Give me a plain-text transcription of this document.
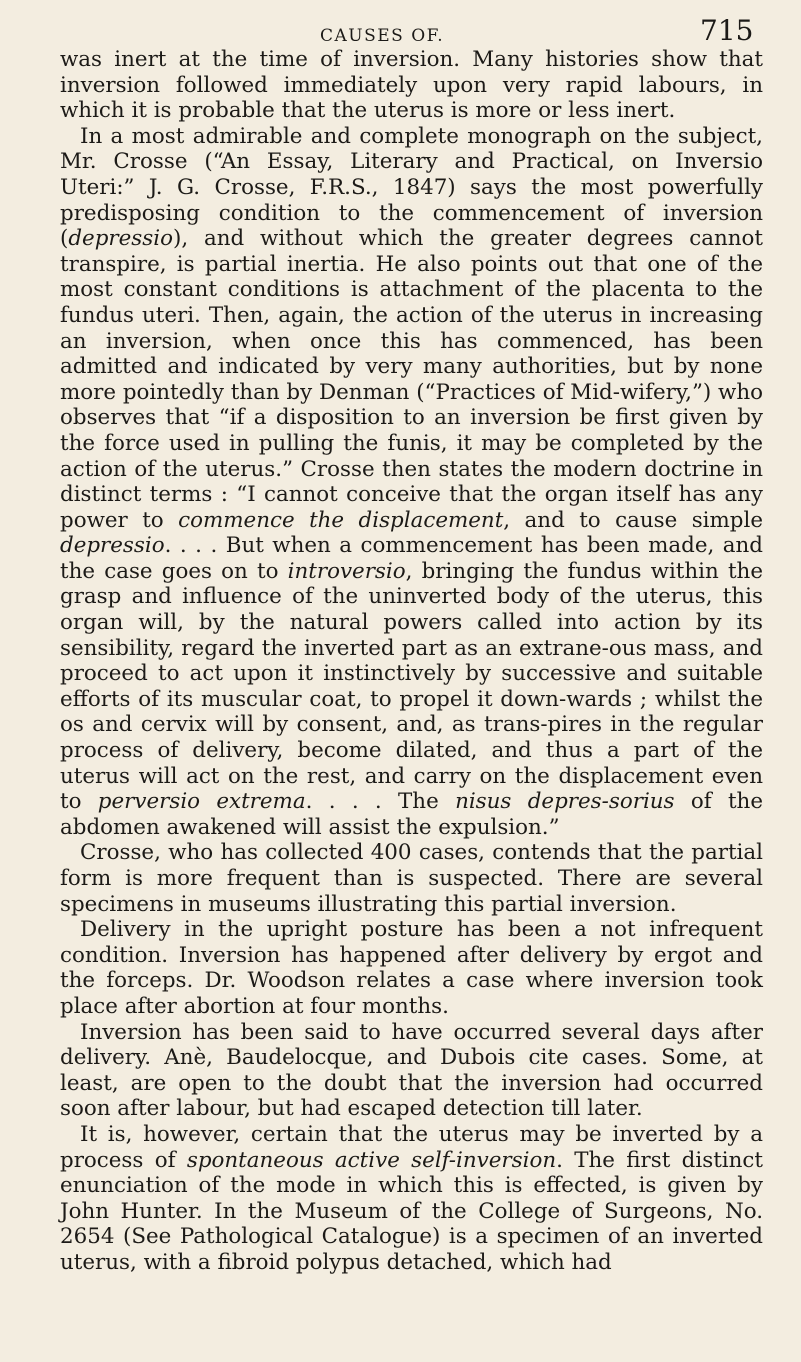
CAUSES OF.	715

was inert at the time of inversion. Many histories show that inversion followed immediately upon very rapid labours, in which it is probable that the uterus is more or less inert.

In a most admirable and complete monograph on the subject, Mr. Crosse (“An Essay, Literary and Practical, on Inversio Uteri:” J. G. Crosse, F.R.S., 1847) says the most powerfully predisposing condition to the commencement of inversion (depressio), and without which the greater degrees cannot transpire, is partial inertia. He also points out that one of the most constant conditions is attachment of the placenta to the fundus uteri. Then, again, the action of the uterus in increasing an inversion, when once this has commenced, has been admitted and indicated by very many authorities, but by none more pointedly than by Denman (“Practices of Mid-wifery,”) who observes that “if a disposition to an inversion be first given by the force used in pulling the funis, it may be completed by the action of the uterus.” Crosse then states the modern doctrine in distinct terms : “I cannot conceive that the organ itself has any power to commence the displacement, and to cause simple depressio. . . . But when a commencement has been made, and the case goes on to introversio, bringing the fundus within the grasp and influence of the uninverted body of the uterus, this organ will, by the natural powers called into action by its sensibility, regard the inverted part as an extrane-ous mass, and proceed to act upon it instinctively by successive and suitable efforts of its muscular coat, to propel it down-wards ; whilst the os and cervix will by consent, and, as trans-pires in the regular process of delivery, become dilated, and thus a part of the uterus will act on the rest, and carry on the displacement even to perversio extrema. . . . The nisus depres-sorius of the abdomen awakened will assist the expulsion.”

Crosse, who has collected 400 cases, contends that the partial form is more frequent than is suspected. There are several specimens in museums illustrating this partial inversion.

Delivery in the upright posture has been a not infrequent condition. Inversion has happened after delivery by ergot and the forceps. Dr. Woodson relates a case where inversion took place after abortion at four months.

Inversion has been said to have occurred several days after delivery. Anè, Baudelocque, and Dubois cite cases. Some, at least, are open to the doubt that the inversion had occurred soon after labour, but had escaped detection till later.

It is, however, certain that the uterus may be inverted by a process of spontaneous active self-inversion. The first distinct enunciation of the mode in which this is effected, is given by John Hunter. In the Museum of the College of Surgeons, No. 2654 (See Pathological Catalogue) is a specimen of an inverted uterus, with a fibroid polypus detached, which had
